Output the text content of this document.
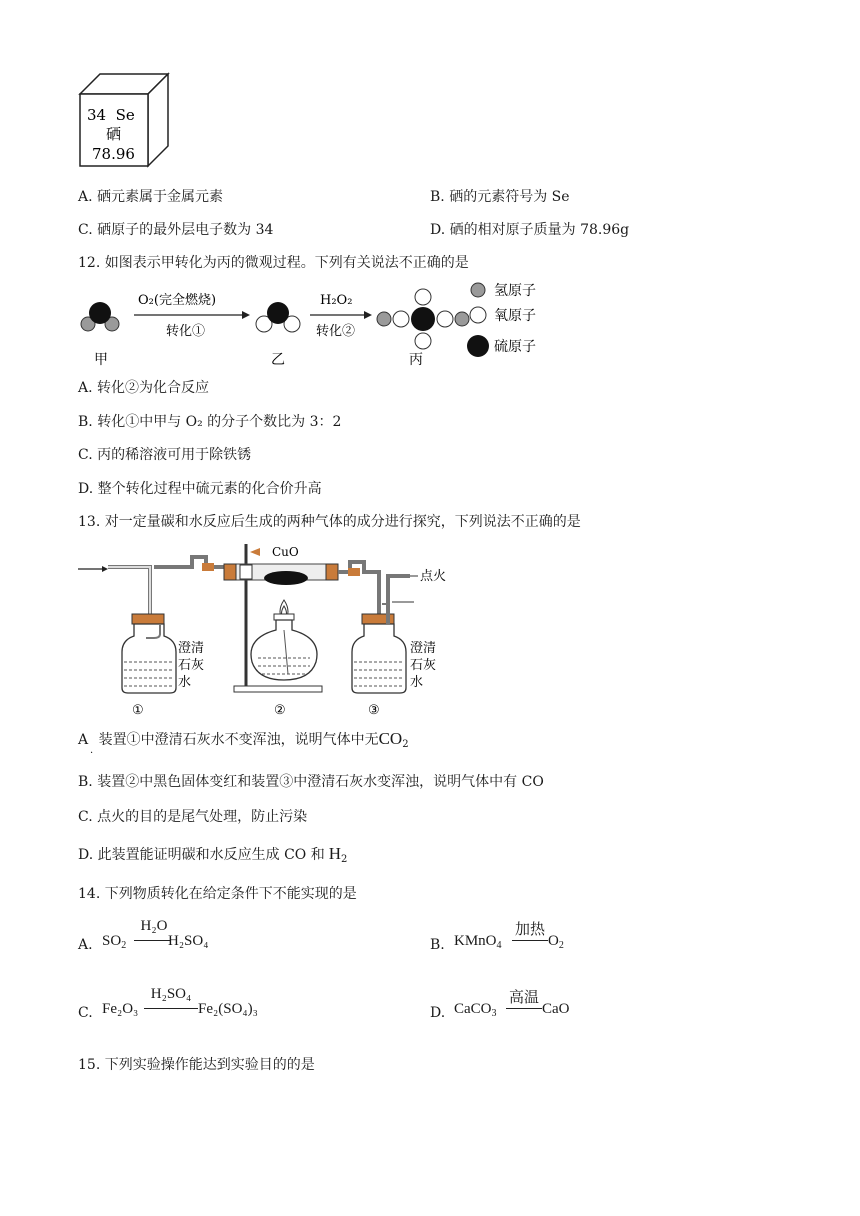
34  Se
硒
78.96
A. 硒元素属于金属元素	B. 硒的元素符号为 Se
C. 硒原子的最外层电子数为 34	D. 硒的相对原子质量为 78.96g
12. 如图表示甲转化为丙的微观过程。下列有关说法不正确的是
甲
O₂(完全燃烧)
转化①
乙
H₂O₂
转化②
丙
氢原子
氧原子
硫原子
A. 转化②为化合反应
B. 转化①中甲与 O₂ 的分子个数比为 3：2
C. 丙的稀溶液可用于除铁锈
D. 整个转化过程中硫元素的化合价升高
13. 对一定量碳和水反应后生成的两种气体的成分进行探究，下列说法不正确的是
澄清
石灰
水
①
CuO
②
点火
澄清
石灰
水
③
A 装置①中澄清石灰水不变浑浊，说明气体中无$CO_2$
·
B. 装置②中黑色固体变红和装置③中澄清石灰水变浑浊，说明气体中有 CO
C. 点火的目的是尾气处理，防止污染
D. 此装置能证明碳和水反应生成 CO 和 $H_2$
14. 下列物质转化在给定条件下不能实现的是
A. $SO_2$
H₂O
H₂SO₄	B. KMnO$_4$
加热
$O_2$
C. Fe₂O₃
H₂SO₄
Fe₂(SO₄)₃	D. CaCO$_3$
高温
CaO
15. 下列实验操作能达到实验目的的是
